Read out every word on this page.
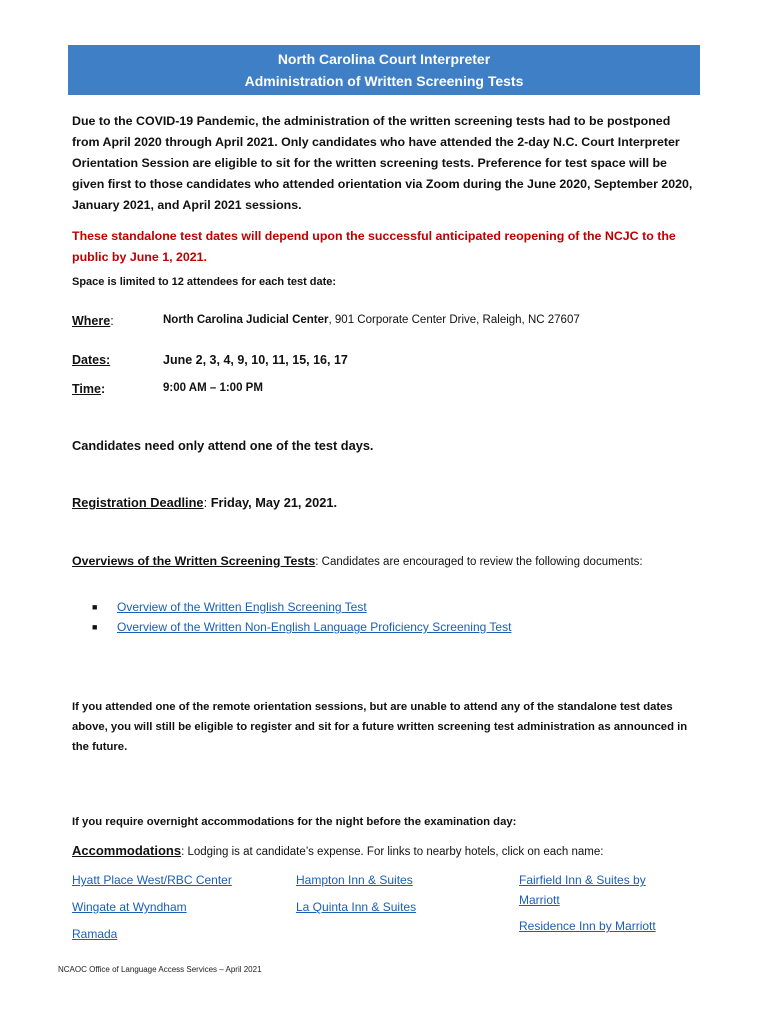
North Carolina Court Interpreter
Administration of Written Screening Tests
Due to the COVID-19 Pandemic, the administration of the written screening tests had to be postponed from April 2020 through April 2021. Only candidates who have attended the 2-day N.C. Court Interpreter Orientation Session are eligible to sit for the written screening tests. Preference for test space will be given first to those candidates who attended orientation via Zoom during the June 2020, September 2020, January 2021, and April 2021 sessions.
These standalone test dates will depend upon the successful anticipated reopening of the NCJC to the public by June 1, 2021.
Space is limited to 12 attendees for each test date:
Where:	North Carolina Judicial Center, 901 Corporate Center Drive, Raleigh, NC 27607
Dates:	June 2, 3, 4, 9, 10, 11, 15, 16, 17
Time:	9:00 AM – 1:00 PM
Candidates need only attend one of the test days.
Registration Deadline: Friday, May 21, 2021.
Overviews of the Written Screening Tests: Candidates are encouraged to review the following documents:
■ Overview of the Written English Screening Test
■ Overview of the Written Non-English Language Proficiency Screening Test
If you attended one of the remote orientation sessions, but are unable to attend any of the standalone test dates above, you will still be eligible to register and sit for a future written screening test administration as announced in the future.
If you require overnight accommodations for the night before the examination day:
Accommodations: Lodging is at candidate’s expense. For links to nearby hotels, click on each name:
Hyatt Place West/RBC Center
Wingate at Wyndham
Ramada
Hampton Inn & Suites
La Quinta Inn & Suites
Fairfield Inn & Suites by Marriott
Residence Inn by Marriott
NCAOC Office of Language Access Services – April 2021
